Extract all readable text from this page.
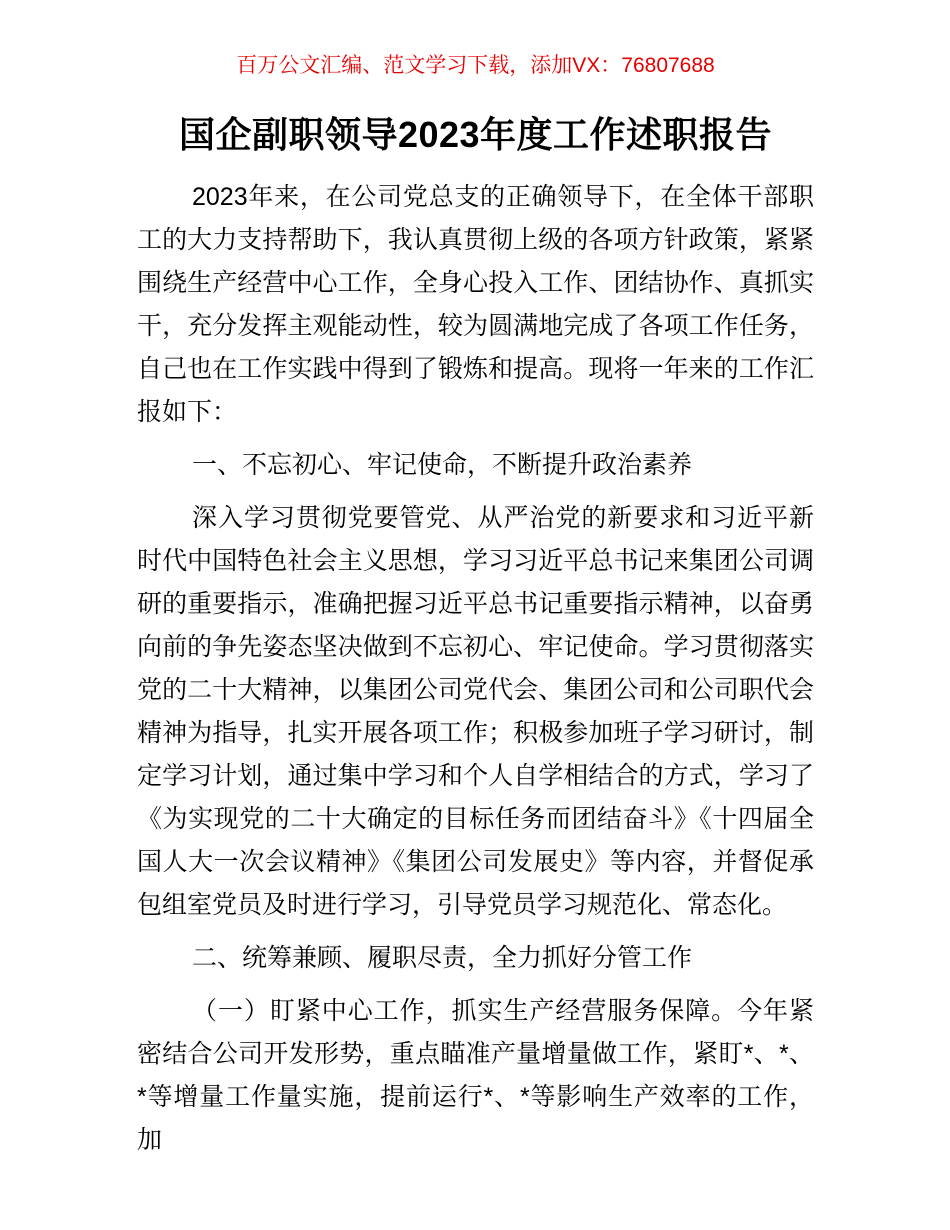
百万公文汇编、范文学习下载，添加VX：76807688
国企副职领导2023年度工作述职报告

2023年来，在公司党总支的正确领导下，在全体干部职工的大力支持帮助下，我认真贯彻上级的各项方针政策，紧紧围绕生产经营中心工作，全身心投入工作、团结协作、真抓实干，充分发挥主观能动性，较为圆满地完成了各项工作任务，自己也在工作实践中得到了锻炼和提高。现将一年来的工作汇报如下：

一、不忘初心、牢记使命，不断提升政治素养

深入学习贯彻党要管党、从严治党的新要求和习近平新时代中国特色社会主义思想，学习习近平总书记来集团公司调研的重要指示，准确把握习近平总书记重要指示精神，以奋勇向前的争先姿态坚决做到不忘初心、牢记使命。学习贯彻落实党的二十大精神，以集团公司党代会、集团公司和公司职代会精神为指导，扎实开展各项工作；积极参加班子学习研讨，制定学习计划，通过集中学习和个人自学相结合的方式，学习了《为实现党的二十大确定的目标任务而团结奋斗》《十四届全国人大一次会议精神》《集团公司发展史》等内容，并督促承包组室党员及时进行学习，引导党员学习规范化、常态化。

二、统筹兼顾、履职尽责，全力抓好分管工作

（一）盯紧中心工作，抓实生产经营服务保障。今年紧密结合公司开发形势，重点瞄准产量增量做工作，紧盯*、*、*等增量工作量实施，提前运行*、*等影响生产效率的工作，加
